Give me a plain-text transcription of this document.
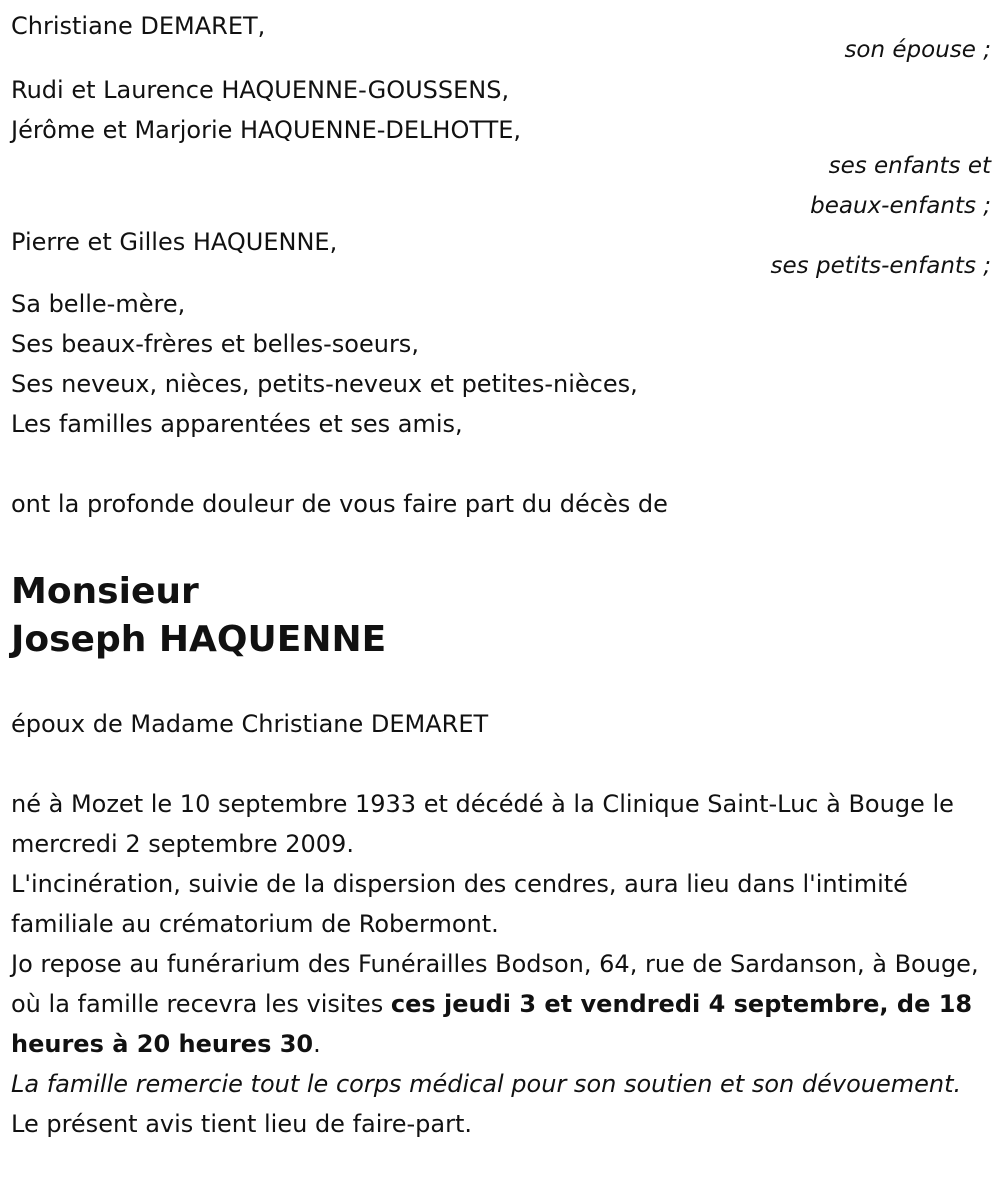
Christiane DEMARET,
son épouse ;
Rudi et Laurence HAQUENNE-GOUSSENS,
Jérôme et Marjorie HAQUENNE-DELHOTTE,
ses enfants et
beaux-enfants ;
Pierre et Gilles HAQUENNE,
ses petits-enfants ;
Sa belle-mère,
Ses beaux-frères et belles-soeurs,
Ses neveux, nièces, petits-neveux et petites-nièces,
Les familles apparentées et ses amis,
ont la profonde douleur de vous faire part du décès de
Monsieur
Joseph HAQUENNE
époux de Madame Christiane DEMARET
né à Mozet le 10 septembre 1933 et décédé à la Clinique Saint-Luc à Bouge le mercredi 2 septembre 2009.
L'incinération, suivie de la dispersion des cendres, aura lieu dans l'intimité familiale au crématorium de Robermont.
Jo repose au funérarium des Funérailles Bodson, 64, rue de Sardanson, à Bouge, où la famille recevra les visites ces jeudi 3 et vendredi 4 septembre, de 18 heures à 20 heures 30.
La famille remercie tout le corps médical pour son soutien et son dévouement.
Le présent avis tient lieu de faire-part.
